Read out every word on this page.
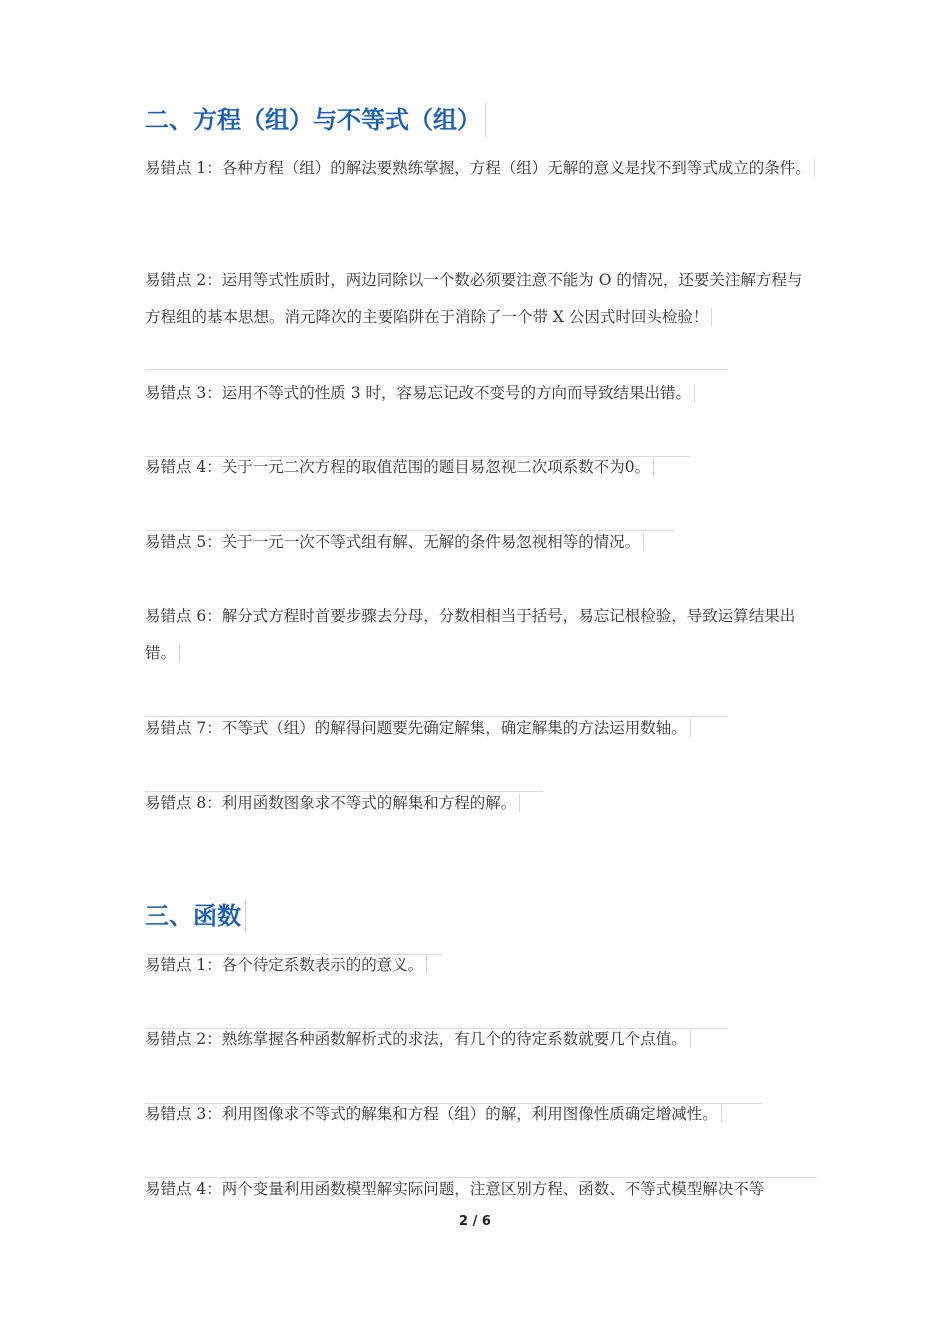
二、方程（组）与不等式（组）
易错点 1：各种方程（组）的解法要熟练掌握，方程（组）无解的意义是找不到等式成立的条件。
易错点 2：运用等式性质时，两边同除以一个数必须要注意不能为 O 的情况，还要关注解方程与方程组的基本思想。消元降次的主要陷阱在于消除了一个带 X 公因式时回头检验！
易错点 3：运用不等式的性质 3 时，容易忘记改不变号的方向而导致结果出错。
易错点 4：关于一元二次方程的取值范围的题目易忽视二次项系数不为0。
易错点 5：关于一元一次不等式组有解、无解的条件易忽视相等的情况。
易错点 6：解分式方程时首要步骤去分母，分数相相当于括号，易忘记根检验，导致运算结果出错。
易错点 7：不等式（组）的解得问题要先确定解集，确定解集的方法运用数轴。
易错点 8：利用函数图象求不等式的解集和方程的解。
三、函数
易错点 1：各个待定系数表示的的意义。
易错点 2：熟练掌握各种函数解析式的求法，有几个的待定系数就要几个点值。
易错点 3：利用图像求不等式的解集和方程（组）的解，利用图像性质确定增减性。
易错点 4：两个变量利用函数模型解实际问题，注意区别方程、函数、不等式模型解决不等
2 / 6
